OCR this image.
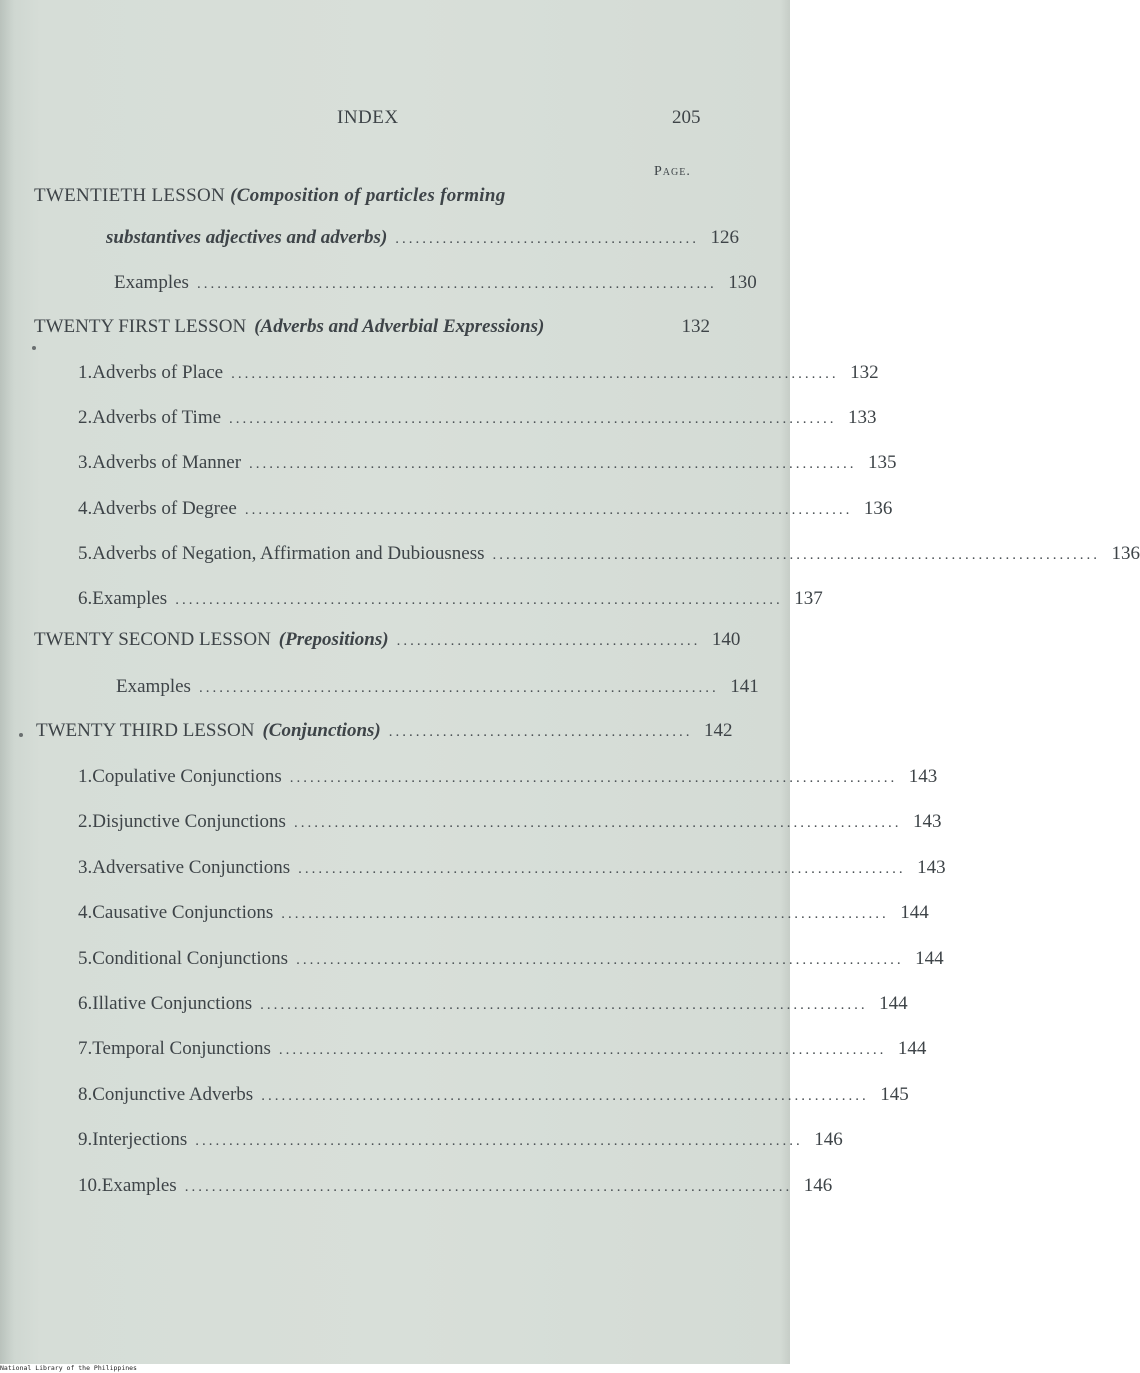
INDEX	205
Page.
TWENTIETH LESSON (Composition of particles forming
substantives adjectives and adverbs) ............................................. 126
Examples ............................................................................. 130
TWENTY FIRST LESSON (Adverbs and Adverbial Expressions)	132
1. Adverbs of Place .......................................................................................... 132
2. Adverbs of Time .......................................................................................... 133
3. Adverbs of Manner .......................................................................................... 135
4. Adverbs of Degree .......................................................................................... 136
5. Adverbs of Negation, Affirmation and Dubiousness .......................................................................................... 136
6. Examples .......................................................................................... 137
TWENTY SECOND LESSON (Prepositions) ............................................. 140
Examples ............................................................................. 141
TWENTY THIRD LESSON (Conjunctions) ............................................. 142
1. Copulative Conjunctions .......................................................................................... 143
2. Disjunctive Conjunctions .......................................................................................... 143
3. Adversative Conjunctions .......................................................................................... 143
4. Causative Conjunctions .......................................................................................... 144
5. Conditional Conjunctions .......................................................................................... 144
6. Illative Conjunctions .......................................................................................... 144
7. Temporal Conjunctions .......................................................................................... 144
8. Conjunctive Adverbs .......................................................................................... 145
9. Interjections .......................................................................................... 146
10. Examples .......................................................................................... 146
National Library of the Philippines
